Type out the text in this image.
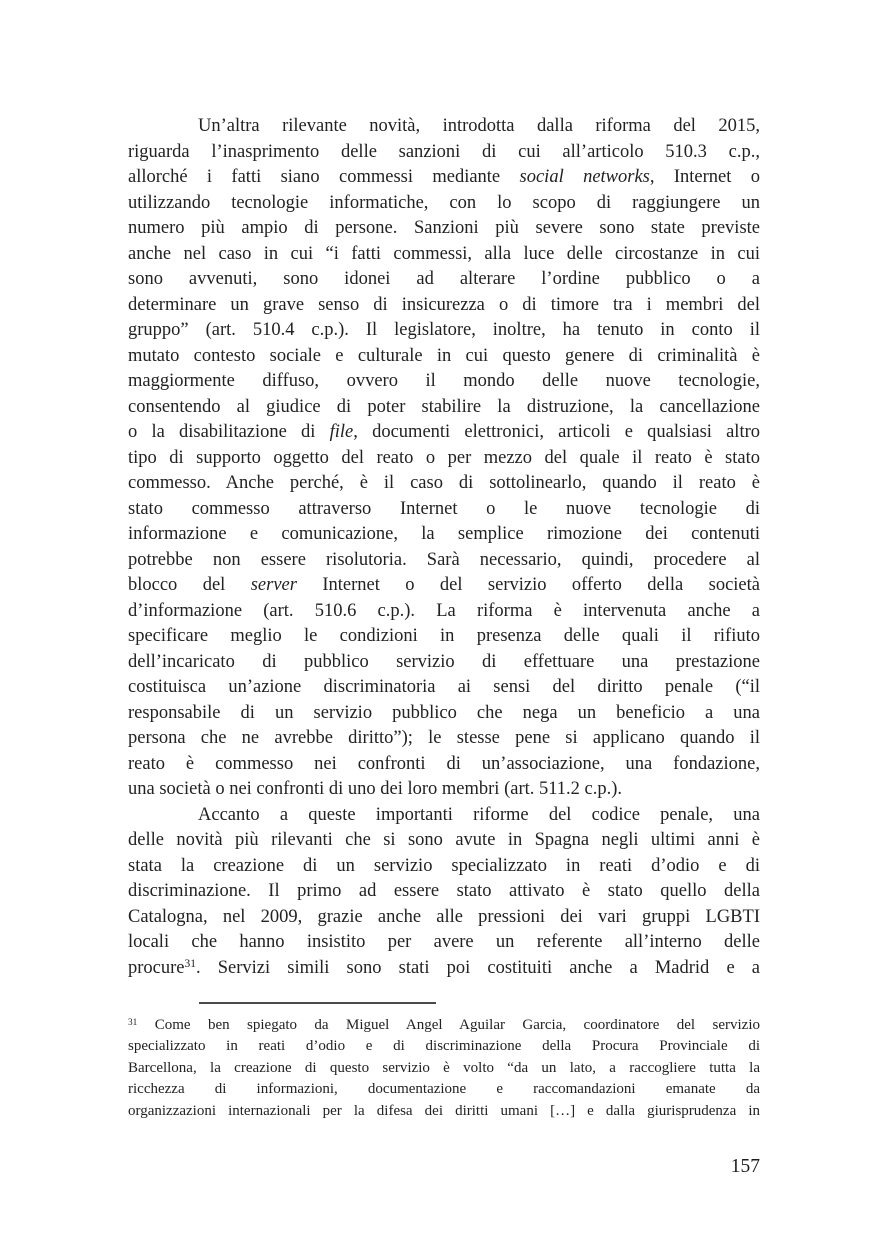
Un’altra rilevante novità, introdotta dalla riforma del 2015,
riguarda l’inasprimento delle sanzioni di cui all’articolo 510.3 c.p.,
allorché i fatti siano commessi mediante social networks, Internet o
utilizzando tecnologie informatiche, con lo scopo di raggiungere un
numero più ampio di persone. Sanzioni più severe sono state previste
anche nel caso in cui “i fatti commessi, alla luce delle circostanze in cui
sono avvenuti, sono idonei ad alterare l’ordine pubblico o a
determinare un grave senso di insicurezza o di timore tra i membri del
gruppo” (art. 510.4 c.p.). Il legislatore, inoltre, ha tenuto in conto il
mutato contesto sociale e culturale in cui questo genere di criminalità è
maggiormente diffuso, ovvero il mondo delle nuove tecnologie,
consentendo al giudice di poter stabilire la distruzione, la cancellazione
o la disabilitazione di file, documenti elettronici, articoli e qualsiasi altro
tipo di supporto oggetto del reato o per mezzo del quale il reato è stato
commesso. Anche perché, è il caso di sottolinearlo, quando il reato è
stato commesso attraverso Internet o le nuove tecnologie di
informazione e comunicazione, la semplice rimozione dei contenuti
potrebbe non essere risolutoria. Sarà necessario, quindi, procedere al
blocco del server Internet o del servizio offerto della società
d’informazione (art. 510.6 c.p.). La riforma è intervenuta anche a
specificare meglio le condizioni in presenza delle quali il rifiuto
dell’incaricato di pubblico servizio di effettuare una prestazione
costituisca un’azione discriminatoria ai sensi del diritto penale (“il
responsabile di un servizio pubblico che nega un beneficio a una
persona che ne avrebbe diritto”); le stesse pene si applicano quando il
reato è commesso nei confronti di un’associazione, una fondazione,
una società o nei confronti di uno dei loro membri (art. 511.2 c.p.).
Accanto a queste importanti riforme del codice penale, una
delle novità più rilevanti che si sono avute in Spagna negli ultimi anni è
stata la creazione di un servizio specializzato in reati d’odio e di
discriminazione. Il primo ad essere stato attivato è stato quello della
Catalogna, nel 2009, grazie anche alle pressioni dei vari gruppi LGBTI
locali che hanno insistito per avere un referente all’interno delle
procure$^{31}$. Servizi simili sono stati poi costituiti anche a Madrid e a
$^{31}$ Come ben spiegato da Miguel Angel Aguilar Garcia, coordinatore del servizio
specializzato in reati d’odio e di discriminazione della Procura Provinciale di
Barcellona, la creazione di questo servizio è volto “da un lato, a raccogliere tutta la
ricchezza di informazioni, documentazione e raccomandazioni emanate da
organizzazioni internazionali per la difesa dei diritti umani […] e dalla giurisprudenza in
157
